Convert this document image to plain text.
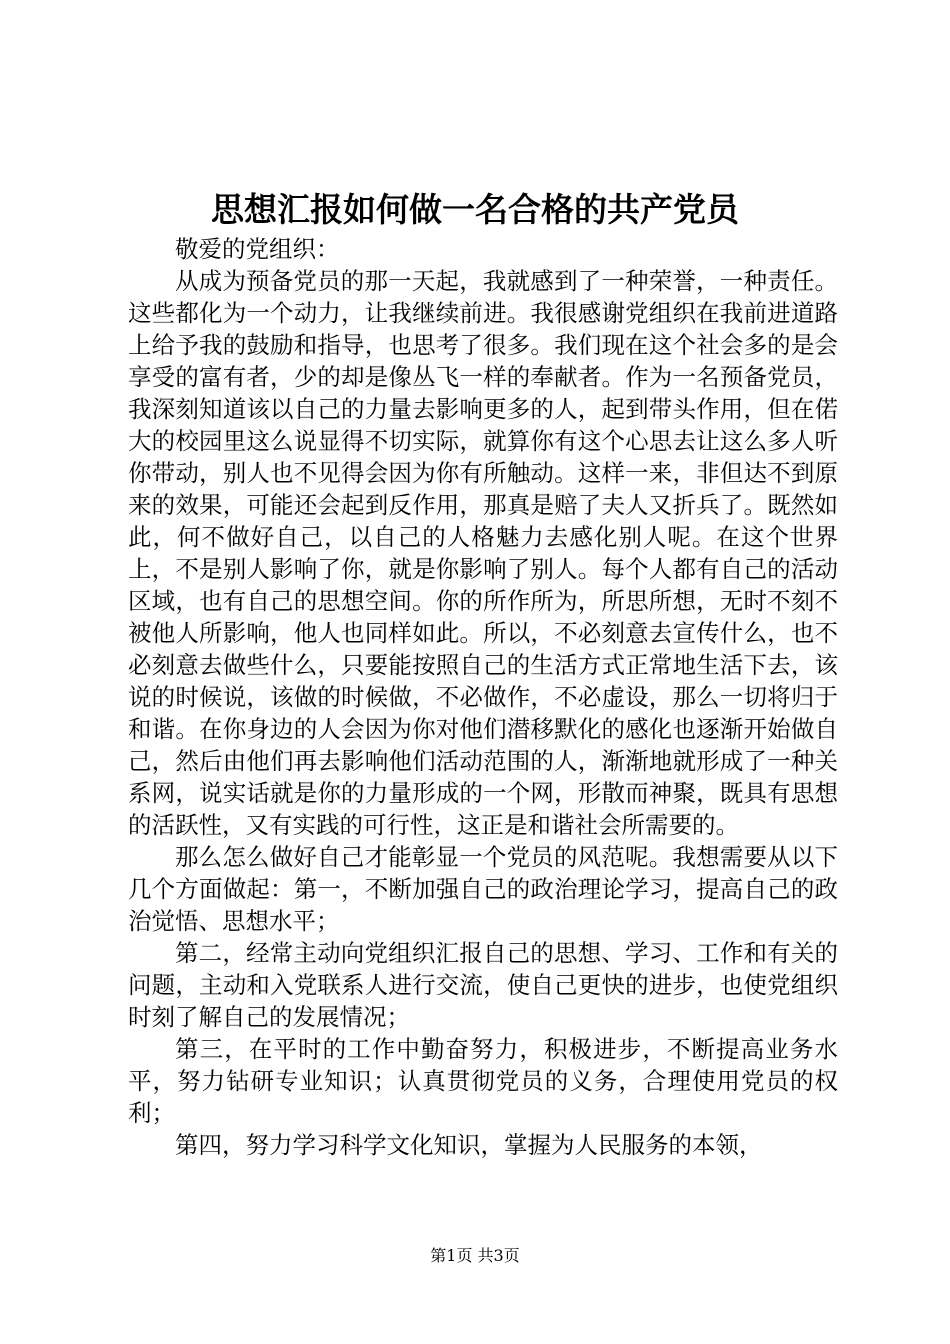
思想汇报如何做一名合格的共产党员

敬爱的党组织：

从成为预备党员的那一天起，我就感到了一种荣誉，一种责任。这些都化为一个动力，让我继续前进。我很感谢党组织在我前进道路上给予我的鼓励和指导，也思考了很多。我们现在这个社会多的是会享受的富有者，少的却是像丛飞一样的奉献者。作为一名预备党员，我深刻知道该以自己的力量去影响更多的人，起到带头作用，但在偌大的校园里这么说显得不切实际，就算你有这个心思去让这么多人听你带动，别人也不见得会因为你有所触动。这样一来，非但达不到原来的效果，可能还会起到反作用，那真是赔了夫人又折兵了。既然如此，何不做好自己，以自己的人格魅力去感化别人呢。在这个世界上，不是别人影响了你，就是你影响了别人。每个人都有自己的活动区域，也有自己的思想空间。你的所作所为，所思所想，无时不刻不被他人所影响，他人也同样如此。所以，不必刻意去宣传什么，也不必刻意去做些什么，只要能按照自己的生活方式正常地生活下去，该说的时候说，该做的时候做，不必做作，不必虚设，那么一切将归于和谐。在你身边的人会因为你对他们潜移默化的感化也逐渐开始做自己，然后由他们再去影响他们活动范围的人，渐渐地就形成了一种关系网，说实话就是你的力量形成的一个网，形散而神聚，既具有思想的活跃性，又有实践的可行性，这正是和谐社会所需要的。

那么怎么做好自己才能彰显一个党员的风范呢。我想需要从以下几个方面做起：第一，不断加强自己的政治理论学习，提高自己的政治觉悟、思想水平；

第二，经常主动向党组织汇报自己的思想、学习、工作和有关的问题，主动和入党联系人进行交流，使自己更快的进步，也使党组织时刻了解自己的发展情况；

第三，在平时的工作中勤奋努力，积极进步，不断提高业务水平，努力钻研专业知识；认真贯彻党员的义务，合理使用党员的权利；

第四，努力学习科学文化知识，掌握为人民服务的本领，

第1页 共3页
